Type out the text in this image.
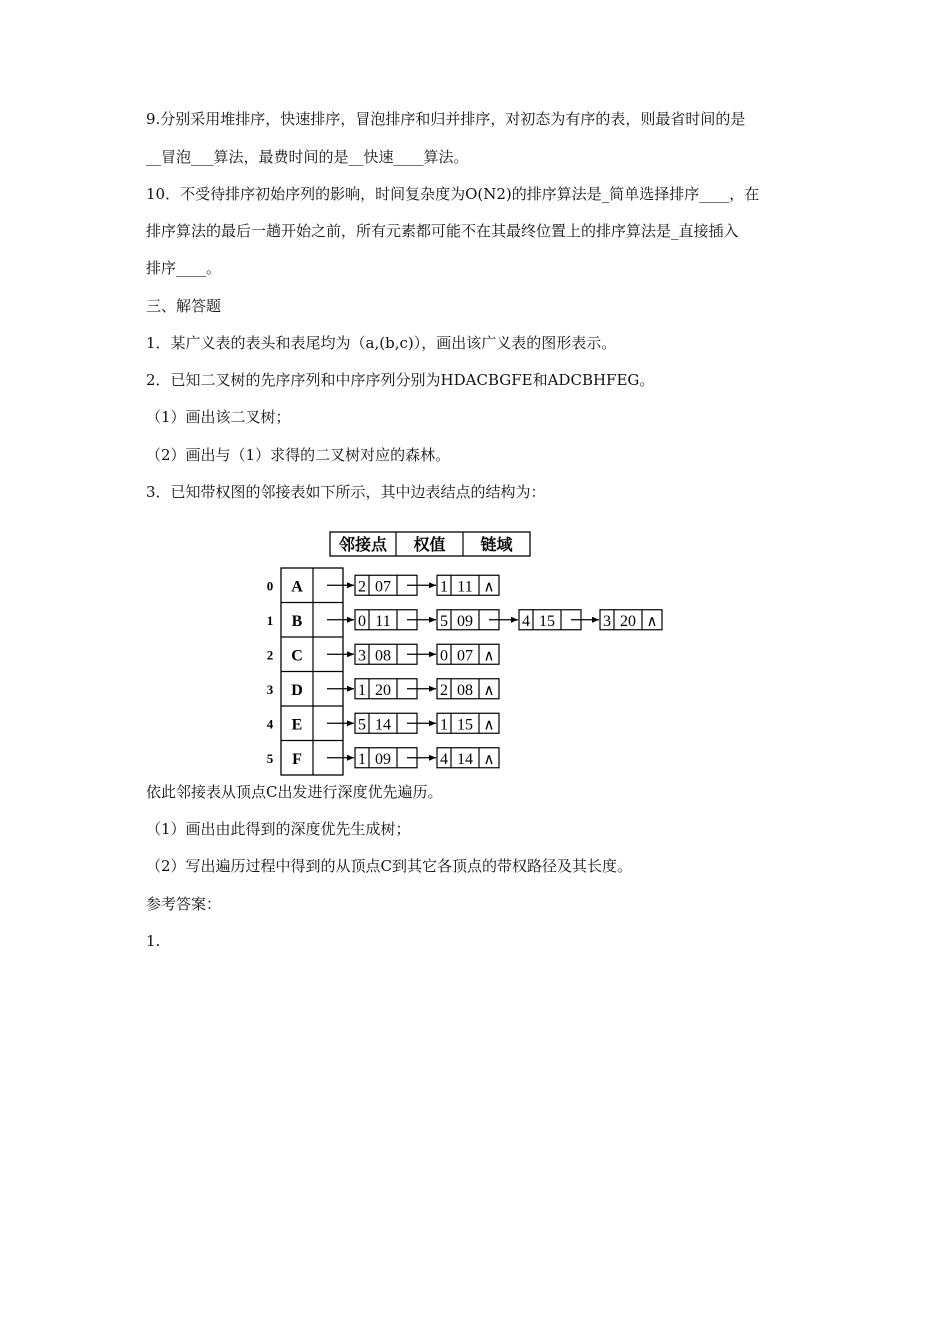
9.分别采用堆排序，快速排序，冒泡排序和归并排序，对初态为有序的表，则最省时间的是
__冒泡___算法，最费时间的是__快速____算法。
10．不受待排序初始序列的影响，时间复杂度为O(N2)的排序算法是_简单选择排序____，在
排序算法的最后一趟开始之前，所有元素都可能不在其最终位置上的排序算法是_直接插入
排序____。
三、解答题
1．某广义表的表头和表尾均为（a,(b,c)），画出该广义表的图形表示。
2．已知二叉树的先序序列和中序序列分别为HDACBGFE和ADCBHFEG。
（1）画出该二叉树；
（2）画出与（1）求得的二叉树对应的森林。
3．已知带权图的邻接表如下所示，其中边表结点的结构为：
邻接点 权值 链域
0 A	2 07	1 11 ∧
1 B	0 11	5 09	4 15	3 20 ∧
2 C	3 08	0 07 ∧
3 D	1 20	2 08 ∧
4 E	5 14	1 15 ∧
5 F	1 09	4 14 ∧
依此邻接表从顶点C出发进行深度优先遍历。
（1）画出由此得到的深度优先生成树；
（2）写出遍历过程中得到的从顶点C到其它各顶点的带权路径及其长度。
参考答案：
1.
